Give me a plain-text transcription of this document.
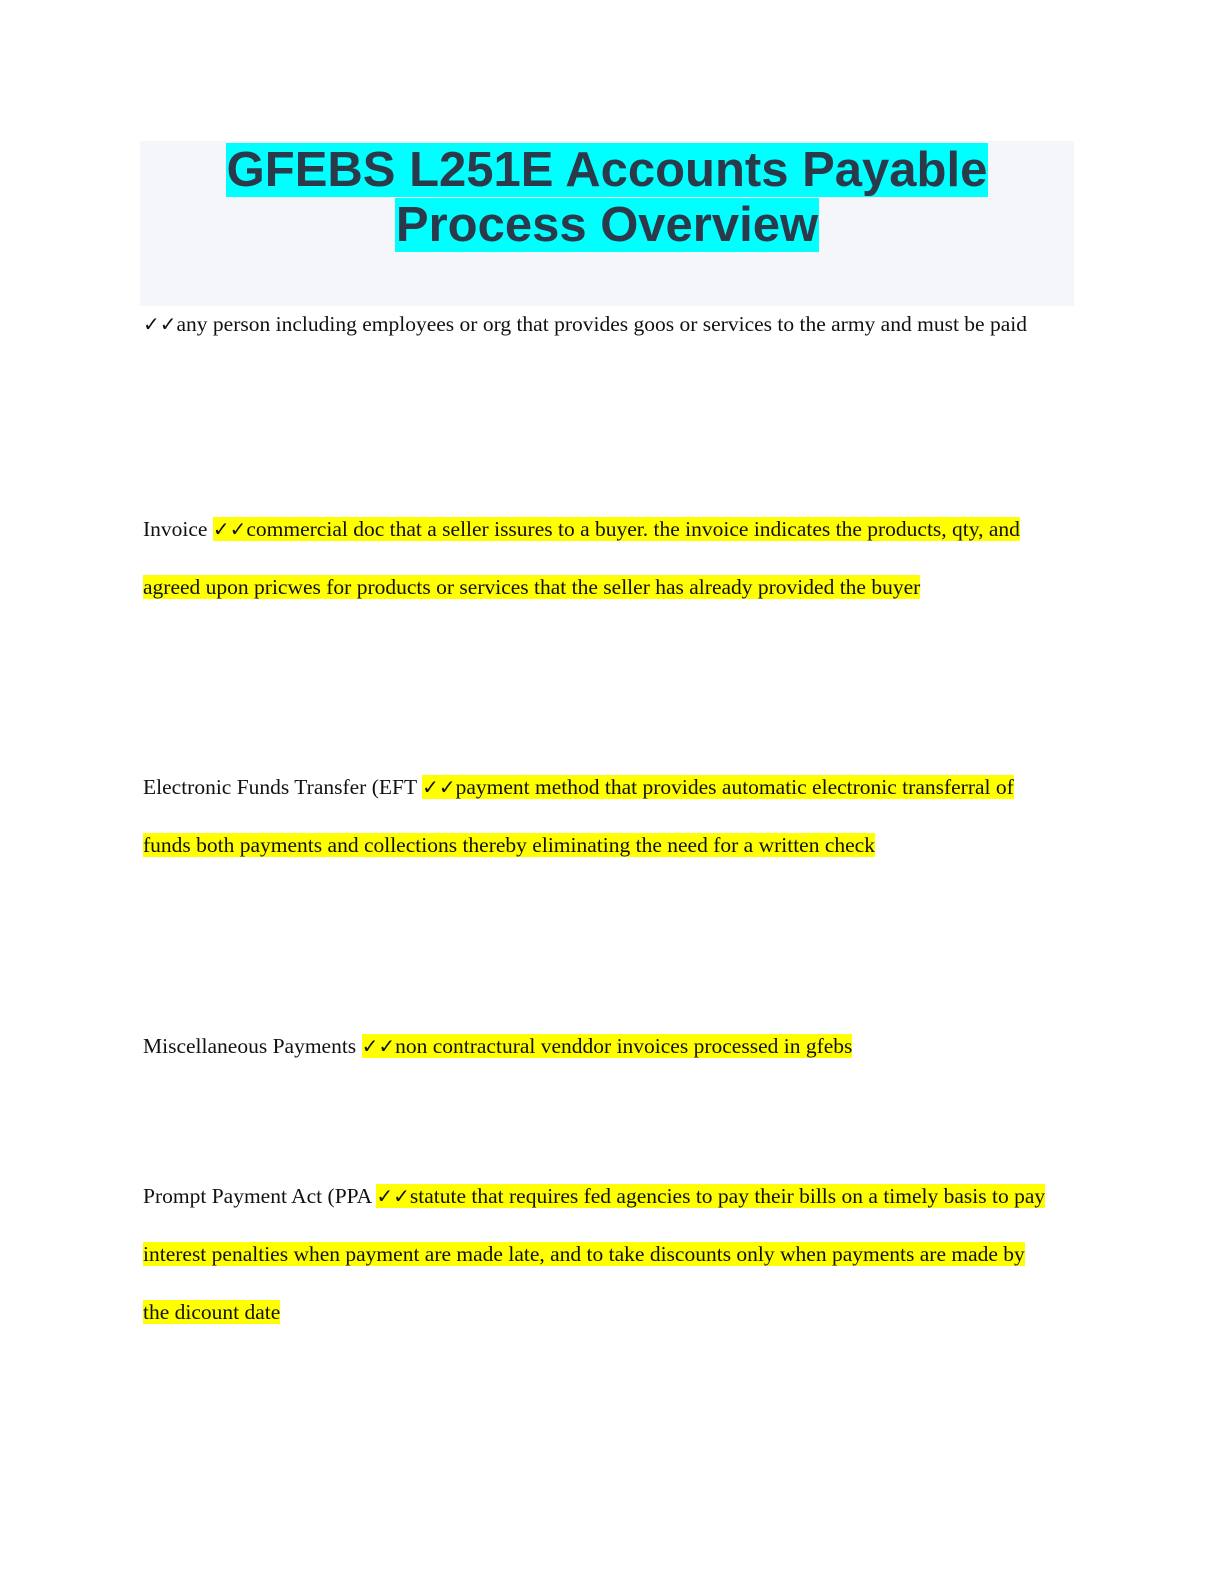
GFEBS L251E Accounts Payable
Process Overview

✓✓any person including employees or org that provides goos or services to the army and must be paid

Invoice ✓✓commercial doc that a seller issures to a buyer. the invoice indicates the products, qty, and agreed upon pricwes for products or services that the seller has already provided the buyer

Electronic Funds Transfer (EFT ✓✓payment method that provides automatic electronic transferral of funds both payments and collections thereby eliminating the need for a written check

Miscellaneous Payments ✓✓non contractural venddor invoices processed in gfebs

Prompt Payment Act (PPA ✓✓statute that requires fed agencies to pay their bills on a timely basis to pay interest penalties when payment are made late, and to take discounts only when payments are made by the dicount date
